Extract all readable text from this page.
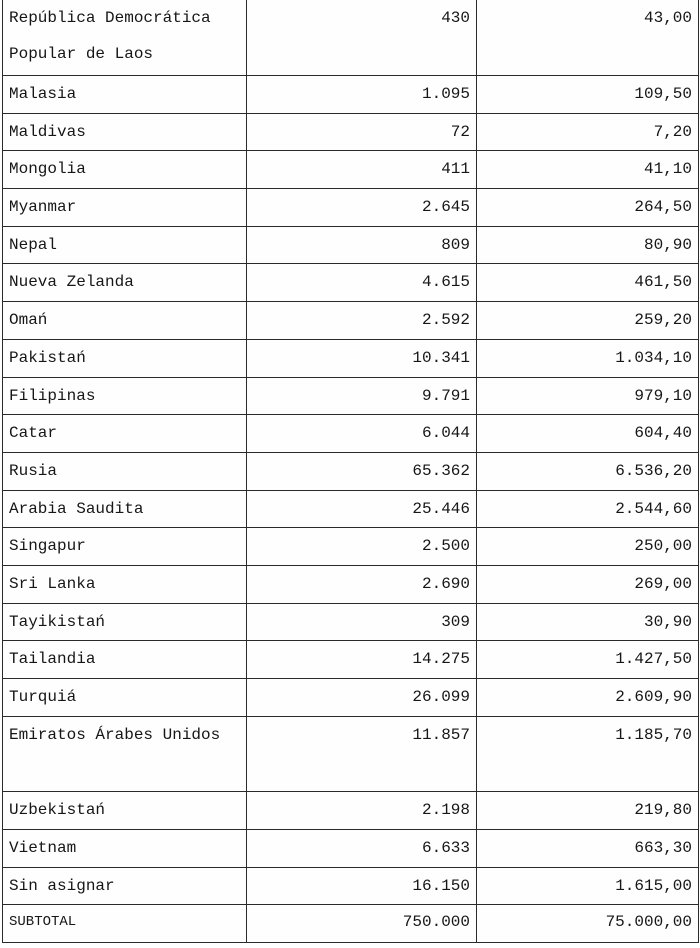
República Democrática Popular de Laos	430	43,00
Malasia	1.095	109,50
Maldivas	72	7,20
Mongolia	411	41,10
Myanmar	2.645	264,50
Nepal	809	80,90
Nueva Zelanda	4.615	461,50
Omań	2.592	259,20
Pakistań	10.341	1.034,10
Filipinas	9.791	979,10
Catar	6.044	604,40
Rusia	65.362	6.536,20
Arabia Saudita	25.446	2.544,60
Singapur	2.500	250,00
Sri Lanka	2.690	269,00
Tayikistań	309	30,90
Tailandia	14.275	1.427,50
Turquiá	26.099	2.609,90
Emiratos Árabes Unidos	11.857	1.185,70
Uzbekistań	2.198	219,80
Vietnam	6.633	663,30
Sin asignar	16.150	1.615,00
SUBTOTAL	750.000	75.000,00
